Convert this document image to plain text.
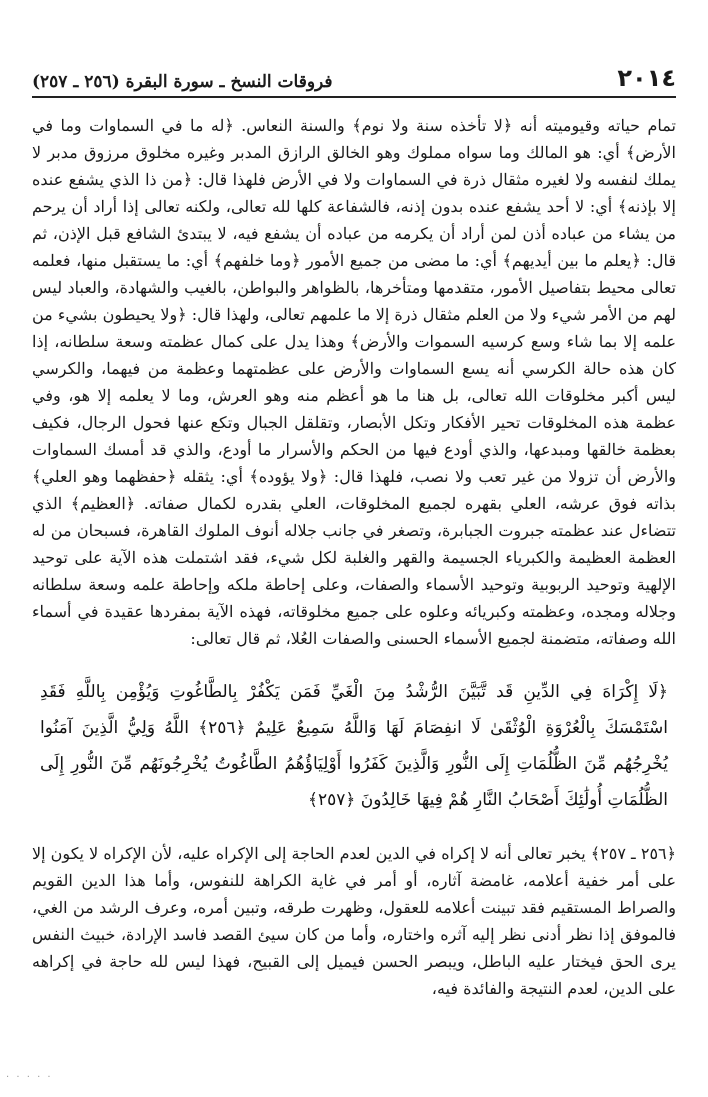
٢٠١٤
فروقات النسخ ـ سورة البقرة (٢٥٦ ـ ٢٥٧)

تمام حياته وقيوميته أنه ﴿لا تأخذه سنة ولا نوم﴾ والسنة النعاس. ﴿له ما في السماوات وما في الأرض﴾ أي: هو المالك وما سواه مملوك وهو الخالق الرازق المدبر وغيره مخلوق مرزوق مدبر لا يملك لنفسه ولا لغيره مثقال ذرة في السماوات ولا في الأرض فلهذا قال: ﴿من ذا الذي يشفع عنده إلا بإذنه﴾ أي: لا أحد يشفع عنده بدون إذنه، فالشفاعة كلها لله تعالى، ولكنه تعالى إذا أراد أن يرحم من يشاء من عباده أذن لمن أراد أن يكرمه من عباده أن يشفع فيه، لا يبتدئ الشافع قبل الإذن، ثم قال: ﴿يعلم ما بين أيديهم﴾ أي: ما مضى من جميع الأمور ﴿وما خلفهم﴾ أي: ما يستقبل منها، فعلمه تعالى محيط بتفاصيل الأمور، متقدمها ومتأخرها، بالظواهر والبواطن، بالغيب والشهادة، والعباد ليس لهم من الأمر شيء ولا من العلم مثقال ذرة إلا ما علمهم تعالى، ولهذا قال: ﴿ولا يحيطون بشيء من علمه إلا بما شاء وسع كرسيه السموات والأرض﴾ وهذا يدل على كمال عظمته وسعة سلطانه، إذا كان هذه حالة الكرسي أنه يسع السماوات والأرض على عظمتهما وعظمة من فيهما، والكرسي ليس أكبر مخلوقات الله تعالى، بل هنا ما هو أعظم منه وهو العرش، وما لا يعلمه إلا هو، وفي عظمة هذه المخلوقات تحير الأفكار وتكل الأبصار، وتقلقل الجبال وتكع عنها فحول الرجال، فكيف بعظمة خالقها ومبدعها، والذي أودع فيها من الحكم والأسرار ما أودع، والذي قد أمسك السماوات والأرض أن تزولا من غير تعب ولا نصب، فلهذا قال: ﴿ولا يؤوده﴾ أي: يثقله ﴿حفظهما وهو العلي﴾ بذاته فوق عرشه، العلي بقهره لجميع المخلوقات، العلي بقدره لكمال صفاته. ﴿العظيم﴾ الذي تتضاءل عند عظمته جبروت الجبابرة، وتصغر في جانب جلاله أنوف الملوك القاهرة، فسبحان من له العظمة العظيمة والكبرياء الجسيمة والقهر والغلبة لكل شيء، فقد اشتملت هذه الآية على توحيد الإلهية وتوحيد الربوبية وتوحيد الأسماء والصفات، وعلى إحاطة ملكه وإحاطة علمه وسعة سلطانه وجلاله ومجده، وعظمته وكبريائه وعلوه على جميع مخلوقاته، فهذه الآية بمفردها عقيدة في أسماء الله وصفاته، متضمنة لجميع الأسماء الحسنى والصفات العُلا، ثم قال تعالى:

﴿لَا إِكْرَاهَ فِي الدِّينِ قَد تَّبَيَّنَ الرُّشْدُ مِنَ الْغَيِّ فَمَن يَكْفُرْ بِالطَّاغُوتِ وَيُؤْمِن بِاللَّهِ فَقَدِ اسْتَمْسَكَ بِالْعُرْوَةِ الْوُثْقَىٰ لَا انفِصَامَ لَهَا وَاللَّهُ سَمِيعٌ عَلِيمٌ ﴿٢٥٦﴾ اللَّهُ وَلِيُّ الَّذِينَ آمَنُوا يُخْرِجُهُم مِّنَ الظُّلُمَاتِ إِلَى النُّورِ وَالَّذِينَ كَفَرُوا أَوْلِيَاؤُهُمُ الطَّاغُوتُ يُخْرِجُونَهُم مِّنَ النُّورِ إِلَى الظُّلُمَاتِ أُولَٰئِكَ أَصْحَابُ النَّارِ هُمْ فِيهَا خَالِدُونَ ﴿٢٥٧﴾

﴿٢٥٦ ـ ٢٥٧﴾ يخبر تعالى أنه لا إكراه في الدين لعدم الحاجة إلى الإكراه عليه، لأن الإكراه لا يكون إلا على أمر خفية أعلامه، غامضة آثاره، أو أمر في غاية الكراهة للنفوس، وأما هذا الدين القويم والصراط المستقيم فقد تبينت أعلامه للعقول، وظهرت طرقه، وتبين أمره، وعرف الرشد من الغي، فالموفق إذا نظر أدنى نظر إليه آثره واختاره، وأما من كان سيئ القصد فاسد الإرادة، خبيث النفس يرى الحق فيختار عليه الباطل، ويبصر الحسن فيميل إلى القبيح، فهذا ليس لله حاجة في إكراهه على الدين، لعدم النتيجة والفائدة فيه،

· · · · ·
